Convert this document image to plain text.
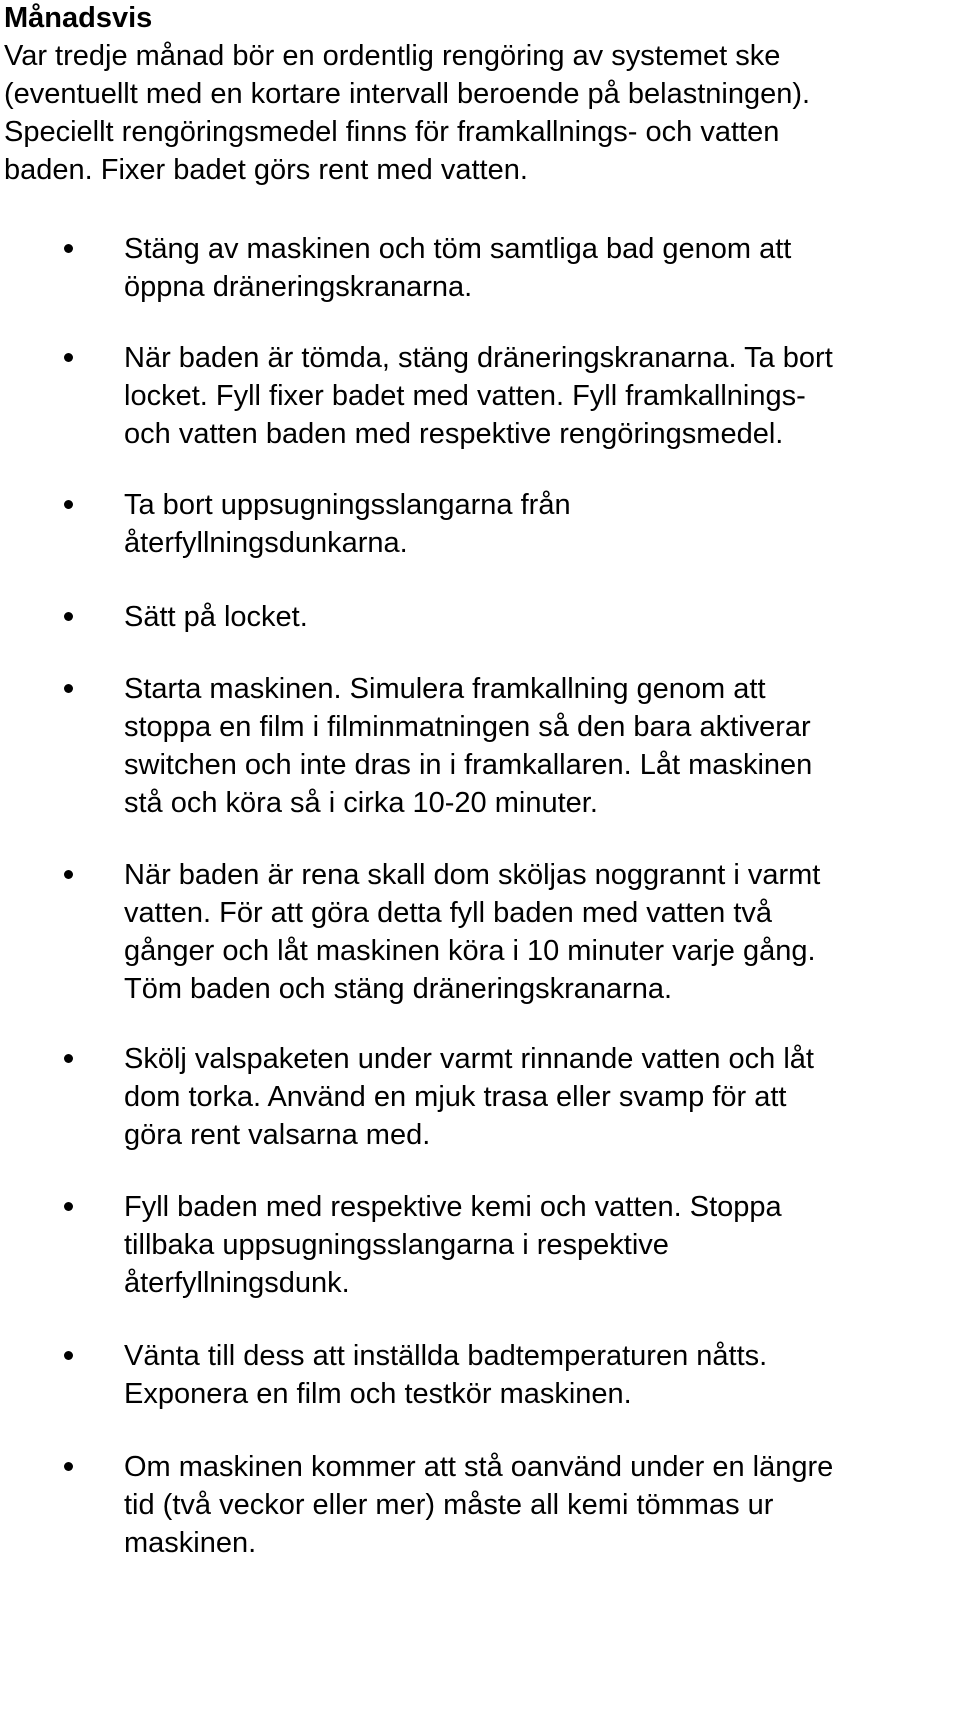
Månadsvis

Var tredje månad bör en ordentlig rengöring av systemet ske
(eventuellt med en kortare intervall beroende på belastningen).
Speciellt rengöringsmedel finns för framkallnings- och vatten
baden. Fixer badet görs rent med vatten.

Stäng av maskinen och töm samtliga bad genom att
öppna dräneringskranarna.
När baden är tömda, stäng dräneringskranarna. Ta bort
locket. Fyll fixer badet med vatten. Fyll framkallnings-
och vatten baden med respektive rengöringsmedel.
Ta bort uppsugningsslangarna från
återfyllningsdunkarna.
Sätt på locket.
Starta maskinen. Simulera framkallning genom att
stoppa en film i filminmatningen så den bara aktiverar
switchen och inte dras in i framkallaren. Låt maskinen
stå och köra så i cirka 10-20 minuter.
När baden är rena skall dom sköljas noggrannt i varmt
vatten. För att göra detta fyll baden med vatten två
gånger och låt maskinen köra i 10 minuter varje gång.
Töm baden och stäng dräneringskranarna.
Skölj valspaketen under varmt rinnande vatten och låt
dom torka. Använd en mjuk trasa eller svamp för att
göra rent valsarna med.
Fyll baden med respektive kemi och vatten. Stoppa
tillbaka uppsugningsslangarna i respektive
återfyllningsdunk.
Vänta till dess att inställda badtemperaturen nåtts.
Exponera en film och testkör maskinen.
Om maskinen kommer att stå oanvänd under en längre
tid (två veckor eller mer) måste all kemi tömmas ur
maskinen.
